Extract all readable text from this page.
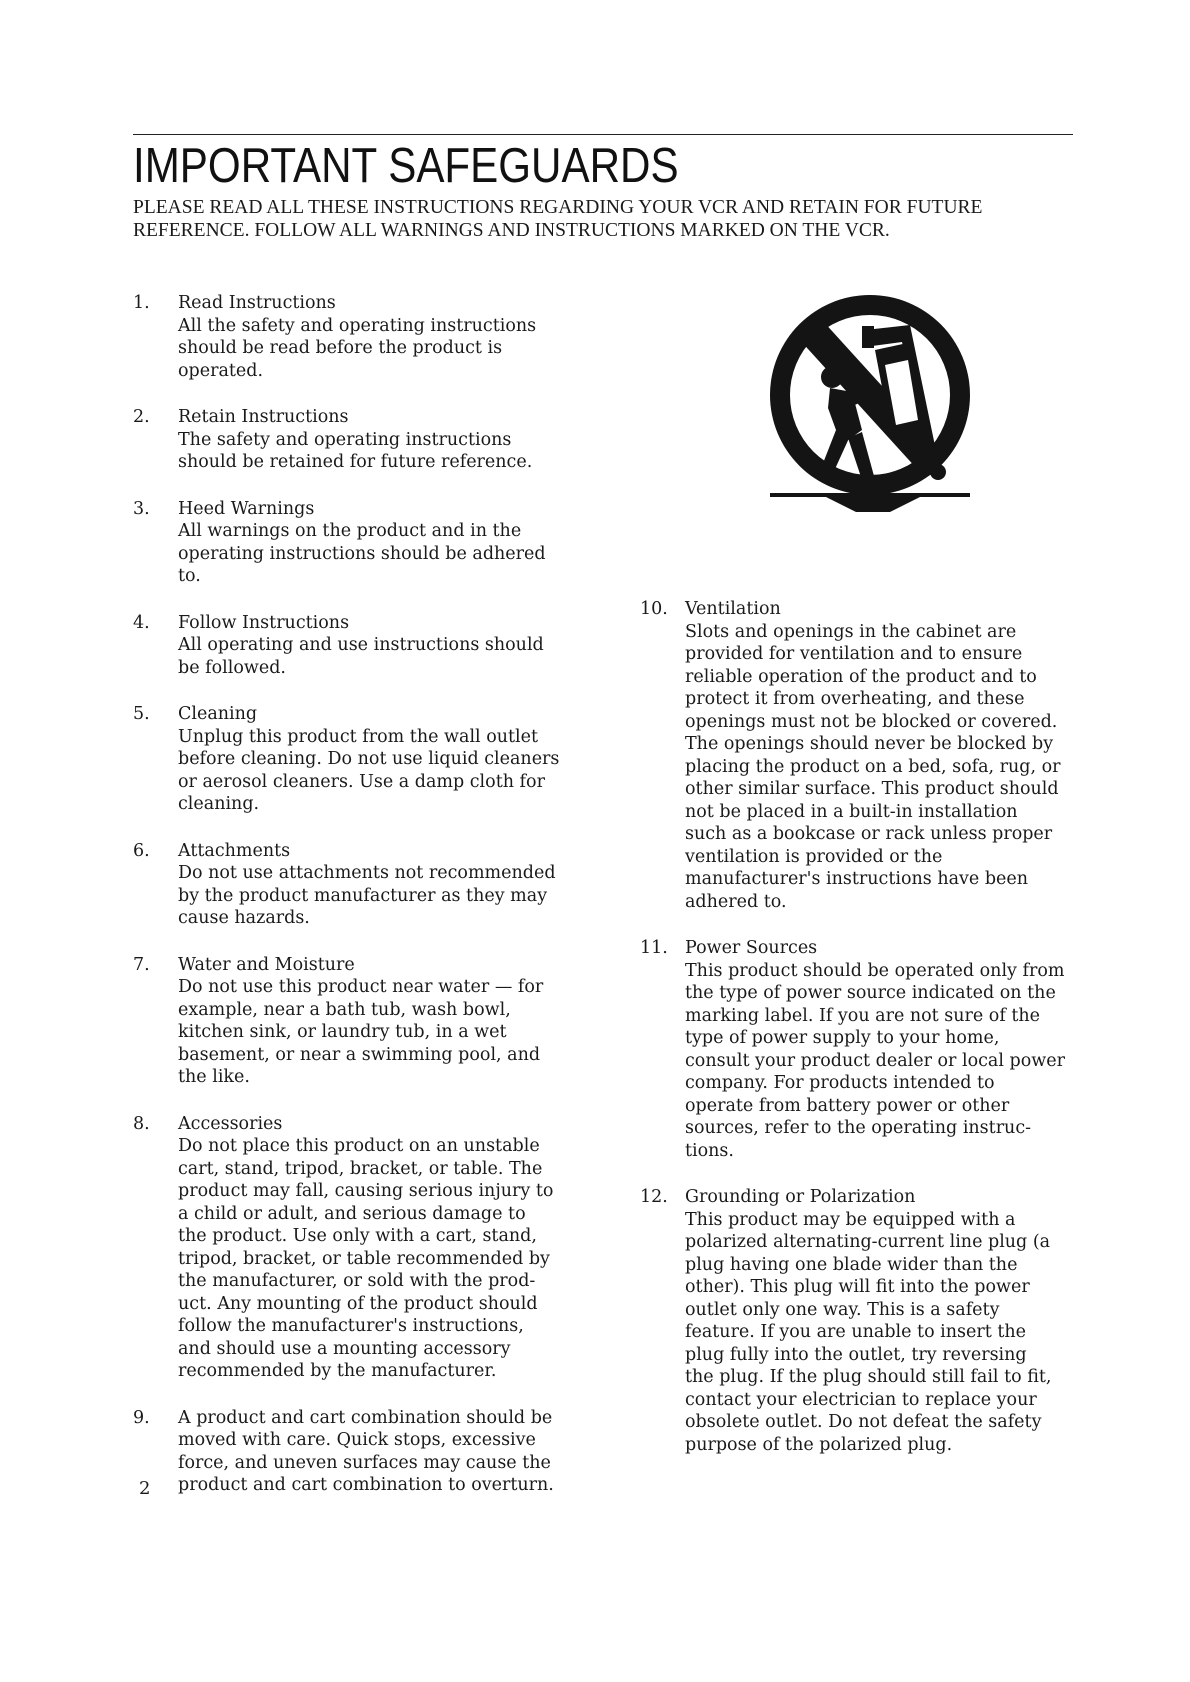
IMPORTANT SAFEGUARDS
PLEASE READ ALL THESE INSTRUCTIONS REGARDING YOUR VCR AND RETAIN FOR FUTURE REFERENCE. FOLLOW ALL WARNINGS AND INSTRUCTIONS MARKED ON THE VCR.
1. Read Instructions
All the safety and operating instructions
should be read before the product is
operated.
2. Retain Instructions
The safety and operating instructions
should be retained for future reference.
3. Heed Warnings
All warnings on the product and in the
operating instructions should be adhered
to.
4. Follow Instructions
All operating and use instructions should
be followed.
5. Cleaning
Unplug this product from the wall outlet
before cleaning. Do not use liquid cleaners
or aerosol cleaners. Use a damp cloth for
cleaning.
6. Attachments
Do not use attachments not recommended
by the product manufacturer as they may
cause hazards.
7. Water and Moisture
Do not use this product near water — for
example, near a bath tub, wash bowl,
kitchen sink, or laundry tub, in a wet
basement, or near a swimming pool, and
the like.
8. Accessories
Do not place this product on an unstable
cart, stand, tripod, bracket, or table. The
product may fall, causing serious injury to
a child or adult, and serious damage to
the product. Use only with a cart, stand,
tripod, bracket, or table recommended by
the manufacturer, or sold with the prod-
uct. Any mounting of the product should
follow the manufacturer's instructions,
and should use a mounting accessory
recommended by the manufacturer.
9. A product and cart combination should be
moved with care. Quick stops, excessive
force, and uneven surfaces may cause the
product and cart combination to overturn.
10. Ventilation
Slots and openings in the cabinet are
provided for ventilation and to ensure
reliable operation of the product and to
protect it from overheating, and these
openings must not be blocked or covered.
The openings should never be blocked by
placing the product on a bed, sofa, rug, or
other similar surface. This product should
not be placed in a built-in installation
such as a bookcase or rack unless proper
ventilation is provided or the
manufacturer's instructions have been
adhered to.
11. Power Sources
This product should be operated only from
the type of power source indicated on the
marking label. If you are not sure of the
type of power supply to your home,
consult your product dealer or local power
company. For products intended to
operate from battery power or other
sources, refer to the operating instruc-
tions.
12. Grounding or Polarization
This product may be equipped with a
polarized alternating-current line plug (a
plug having one blade wider than the
other). This plug will fit into the power
outlet only one way. This is a safety
feature. If you are unable to insert the
plug fully into the outlet, try reversing
the plug. If the plug should still fail to fit,
contact your electrician to replace your
obsolete outlet. Do not defeat the safety
purpose of the polarized plug.
2
